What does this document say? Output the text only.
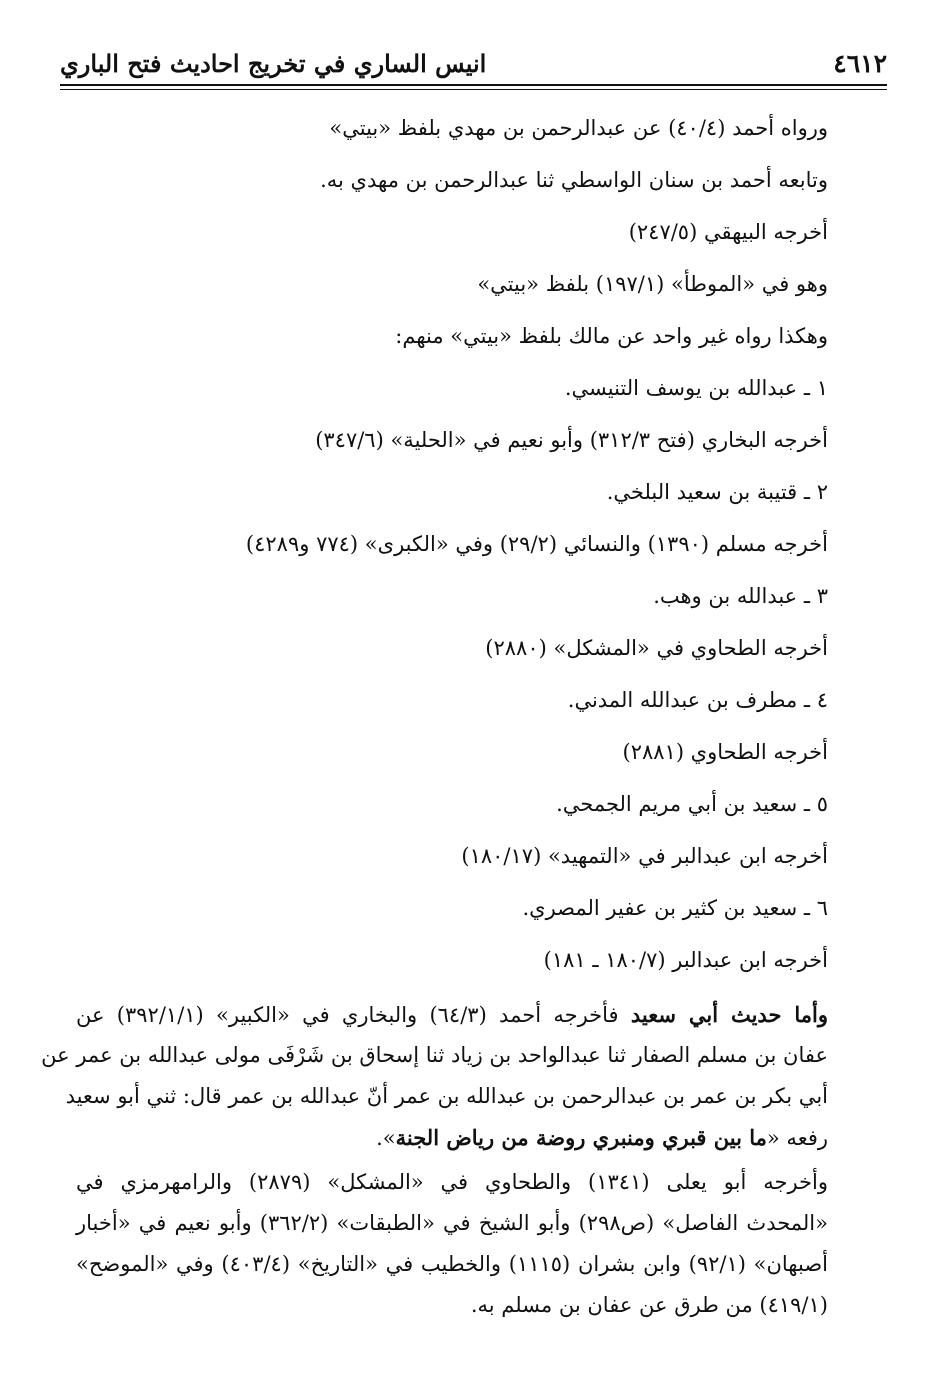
٤٦١٢
انيس الساري في تخريج احاديث فتح الباري
ورواه أحمد (٤٠/٤) عن عبدالرحمن بن مهدي بلفظ «بيتي»
وتابعه أحمد بن سنان الواسطي ثنا عبدالرحمن بن مهدي به.
أخرجه البيهقي (٢٤٧/٥)
وهو في «الموطأ» (١٩٧/١) بلفظ «بيتي»
وهكذا رواه غير واحد عن مالك بلفظ «بيتي» منهم:
١ ـ عبدالله بن يوسف التنيسي.
أخرجه البخاري (فتح ٣١٢/٣) وأبو نعيم في «الحلية» (٣٤٧/٦)
٢ ـ قتيبة بن سعيد البلخي.
أخرجه مسلم (١٣٩٠) والنسائي (٢٩/٢) وفي «الكبرى» (٧٧٤ و٤٢٨٩)
٣ ـ عبدالله بن وهب.
أخرجه الطحاوي في «المشكل» (٢٨٨٠)
٤ ـ مطرف بن عبدالله المدني.
أخرجه الطحاوي (٢٨٨١)
٥ ـ سعيد بن أبي مريم الجمحي.
أخرجه ابن عبدالبر في «التمهيد» (١٨٠/١٧)
٦ ـ سعيد بن كثير بن عفير المصري.
أخرجه ابن عبدالبر (١٨٠/٧ ـ ١٨١)
وأما حديث أبي سعيد فأخرجه أحمد (٦٤/٣) والبخاري في «الكبير» (٣٩٢/١/١) عن
عفان بن مسلم الصفار ثنا عبدالواحد بن زياد ثنا إسحاق بن شَرْفَى مولى عبدالله بن عمر عن
أبي بكر بن عمر بن عبدالرحمن بن عبدالله بن عمر أنّ عبدالله بن عمر قال: ثني أبو سعيد
رفعه «ما بين قبري ومنبري روضة من رياض الجنة».
وأخرجه أبو يعلى (١٣٤١) والطحاوي في «المشكل» (٢٨٧٩) والرامهرمزي في
«المحدث الفاصل» (ص٢٩٨) وأبو الشيخ في «الطبقات» (٣٦٢/٢) وأبو نعيم في «أخبار
أصبهان» (٩٢/١) وابن بشران (١١١٥) والخطيب في «التاريخ» (٤٠٣/٤) وفي «الموضح»
(٤١٩/١) من طرق عن عفان بن مسلم به.
